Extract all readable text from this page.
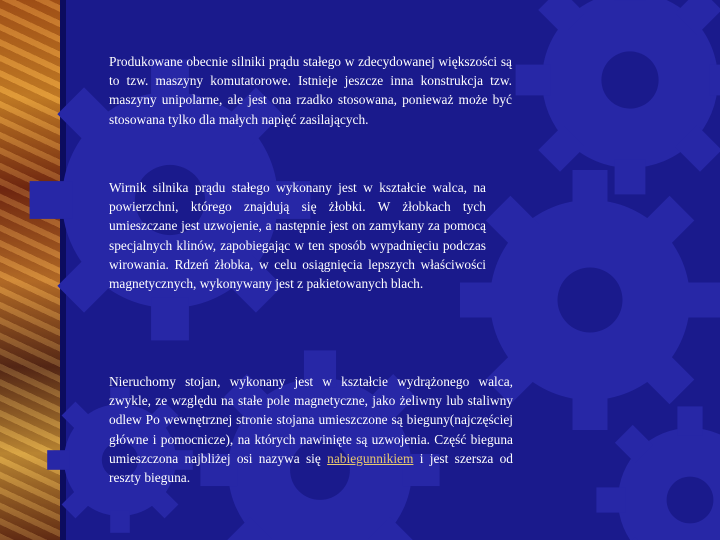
Produkowane obecnie silniki prądu stałego w zdecydowanej większości są to tzw. maszyny komutatorowe. Istnieje jeszcze inna konstrukcja tzw. maszyny unipolarne, ale jest ona rzadko stosowana, ponieważ może być stosowana tylko dla małych napięć zasilających.

Wirnik silnika prądu stałego wykonany jest w kształcie walca, na powierzchni, którego znajdują się żłobki. W żłobkach tych umieszczane jest uzwojenie, a następnie jest on zamykany za pomocą specjalnych klinów, zapobiegając w ten sposób wypadnięciu podczas wirowania. Rdzeń żłobka, w celu osiągnięcia lepszych właściwości magnetycznych, wykonywany jest z pakietowanych blach.

Nieruchomy stojan, wykonany jest w kształcie wydrążonego walca, zwykle, ze względu na stałe pole magnetyczne, jako żeliwny lub staliwny odlew Po wewnętrznej stronie stojana umieszczone są bieguny(najczęściej główne i pomocnicze), na których nawinięte są uzwojenia. Część bieguna umieszczona najbliżej osi nazywa się nabiegunnikiem i jest szersza od reszty bieguna.
